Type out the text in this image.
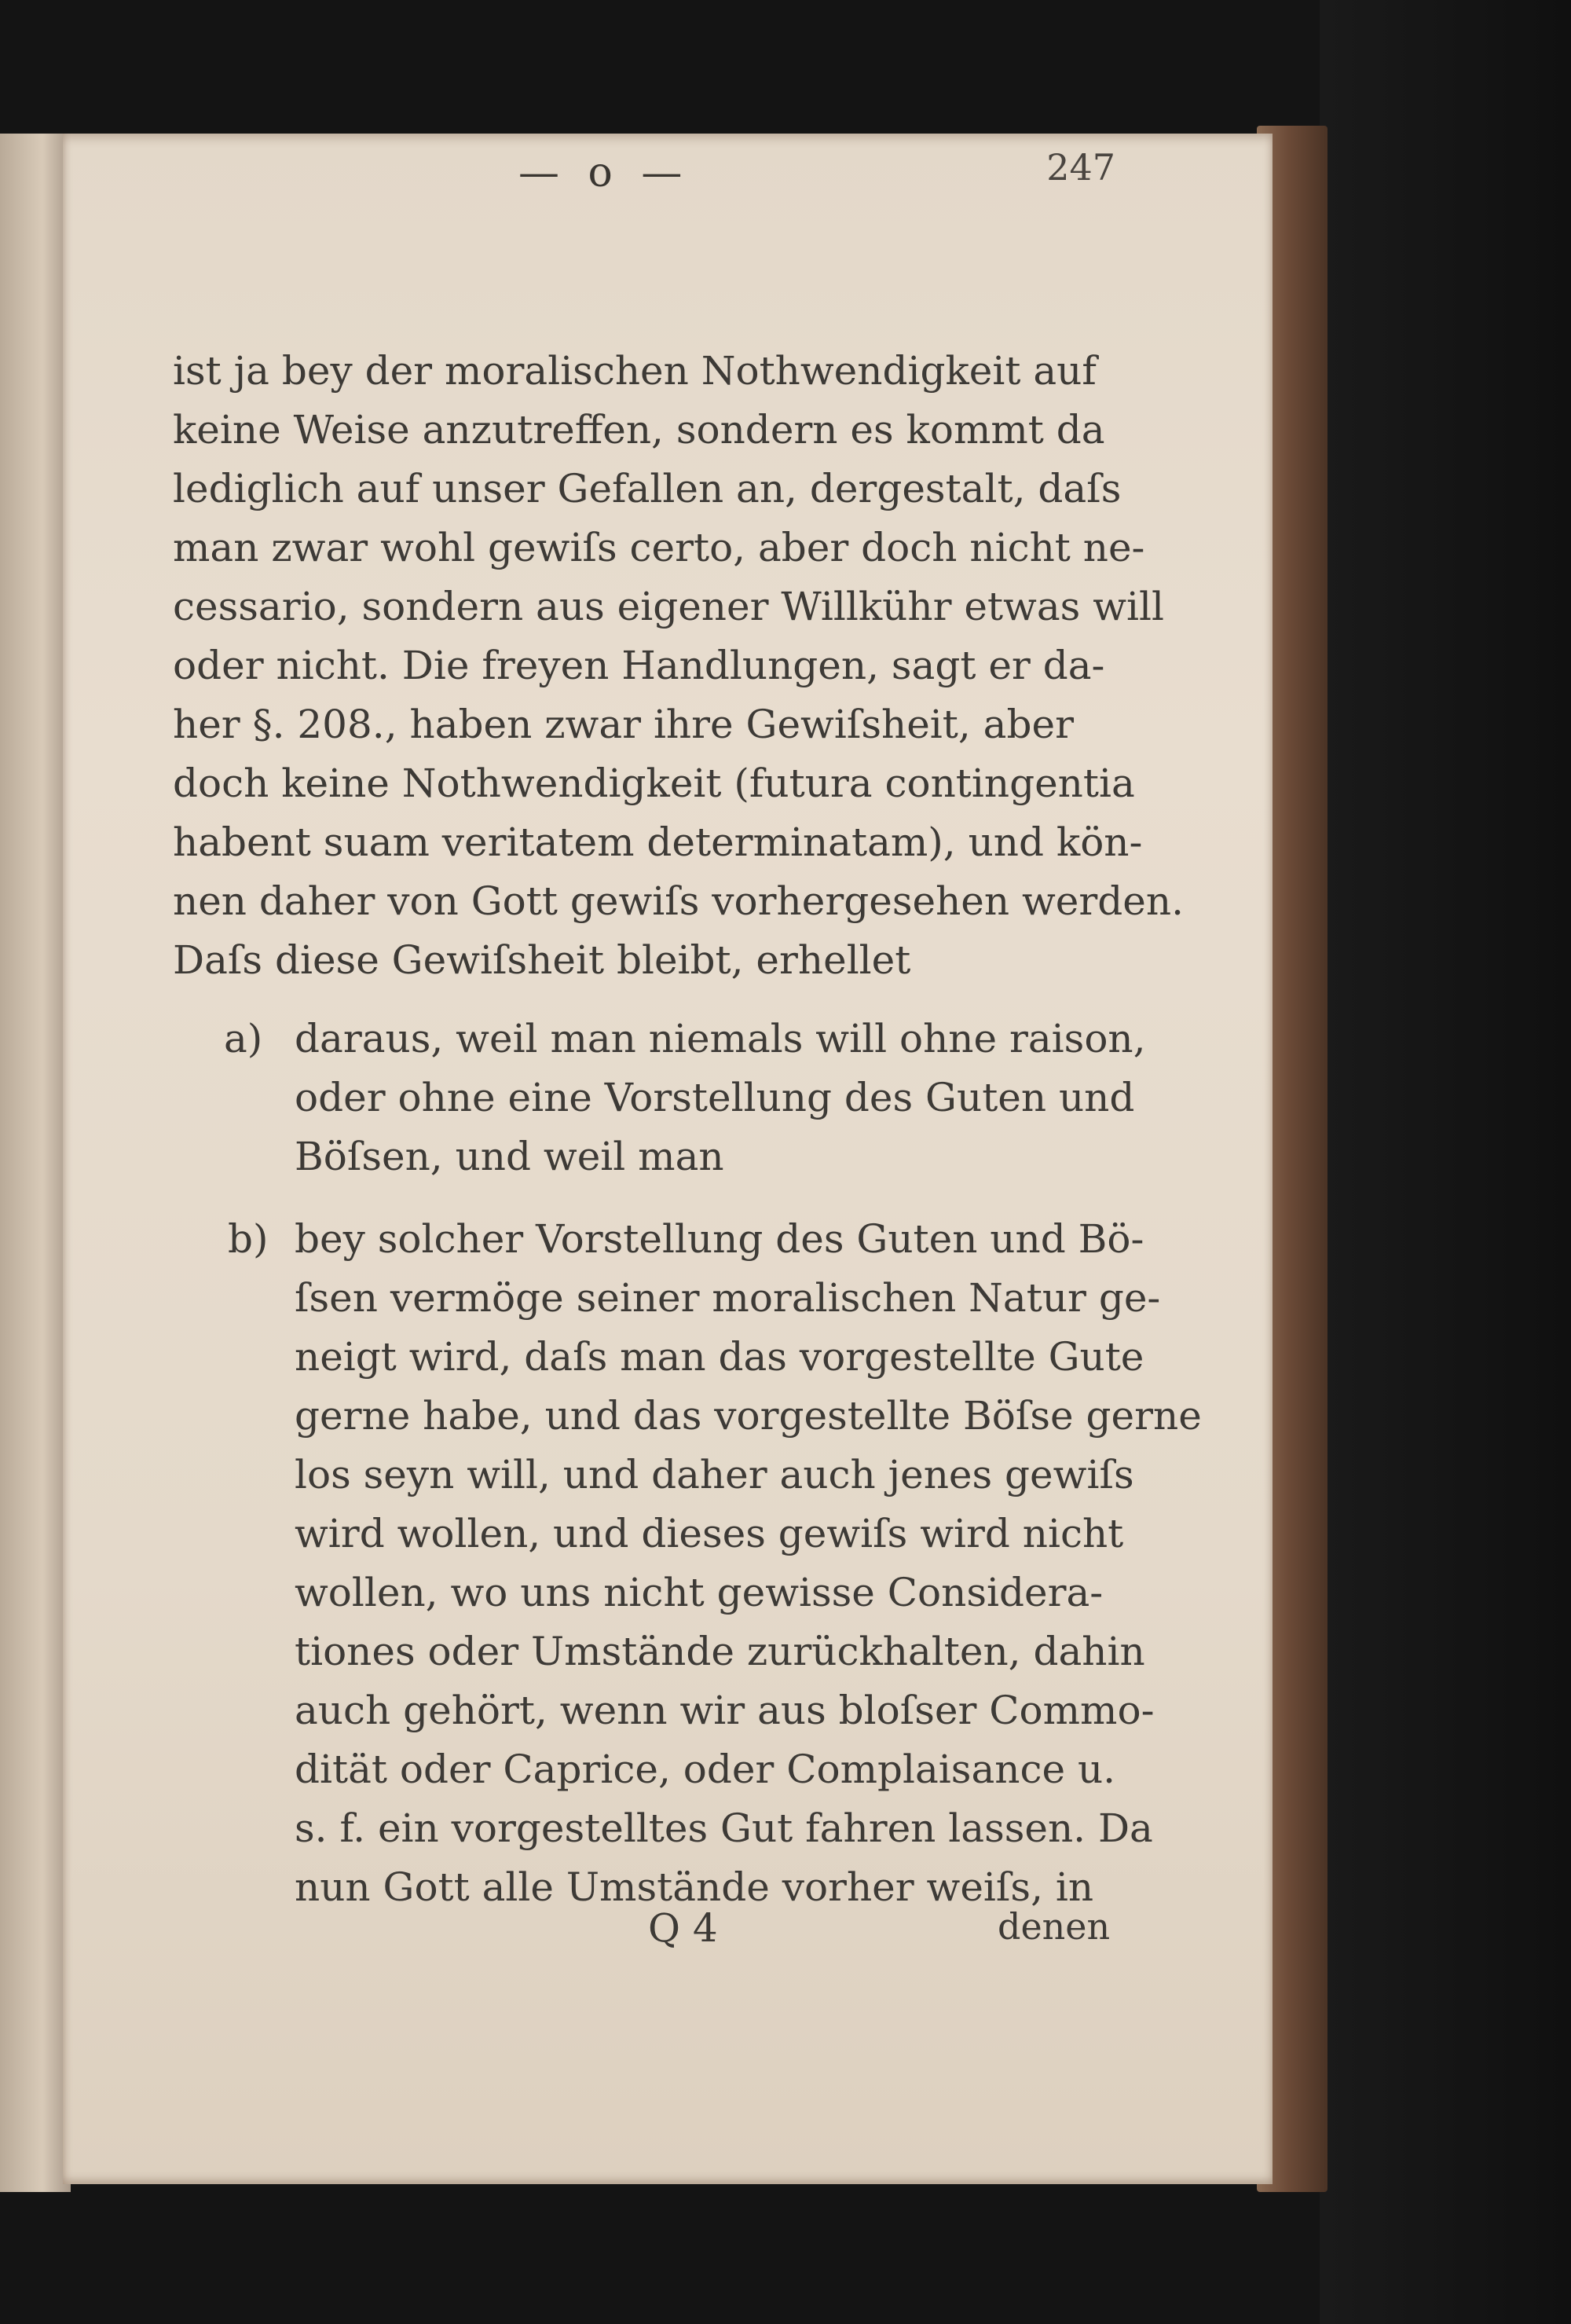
— o —	247
ist ja bey der moralischen Nothwendigkeit auf
keine Weise anzutreffen, sondern es kommt da
lediglich auf unser Gefallen an, dergestalt, daſs
man zwar wohl gewiſs certo, aber doch nicht ne-
cessario, sondern aus eigener Willkühr etwas will
oder nicht. Die freyen Handlungen, sagt er da-
her §. 208., haben zwar ihre Gewiſsheit, aber
doch keine Nothwendigkeit (futura contingentia
habent suam veritatem determinatam), und kön-
nen daher von Gott gewiſs vorhergesehen werden.
Daſs diese Gewiſsheit bleibt, erhellet
a) daraus, weil man niemals will ohne raison,
oder ohne eine Vorstellung des Guten und
Böſsen, und weil man
b) bey solcher Vorstellung des Guten und Bö-
ſsen vermöge seiner moralischen Natur ge-
neigt wird, daſs man das vorgestellte Gute
gerne habe, und das vorgestellte Böſse gerne
los seyn will, und daher auch jenes gewiſs
wird wollen, und dieses gewiſs wird nicht
wollen, wo uns nicht gewisse Considera-
tiones oder Umstände zurückhalten, dahin
auch gehört, wenn wir aus bloſser Commo-
dität oder Caprice, oder Complaisance u.
s. f. ein vorgestelltes Gut fahren lassen. Da
nun Gott alle Umstände vorher weiſs, in
Q 4	denen
